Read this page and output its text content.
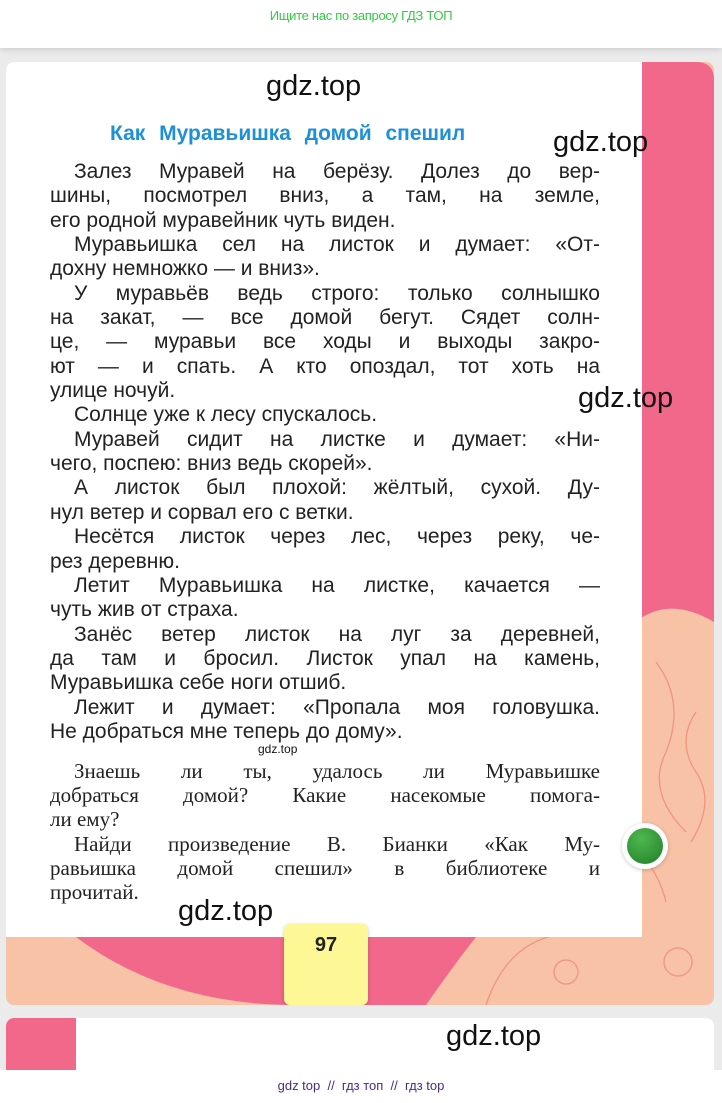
Ищите нас по запросу ГДЗ ТОП
97
gdz.top
Как Муравьишка домой спешил	gdz.top
gdz.top
gdz.top
gdz.top
Залез Муравей на берёзу. Долез до вер-
шины, посмотрел вниз, а там, на земле,
его родной муравейник чуть виден.
Муравьишка сел на листок и думает: «От-
дохну немножко — и вниз».
У муравьёв ведь строго: только солнышко
на закат, — все домой бегут. Сядет солн-
це, — муравьи все ходы и выходы закро-
ют — и спать. А кто опоздал, тот хоть на
улице ночуй.
Солнце уже к лесу спускалось.
Муравей сидит на листке и думает: «Ни-
чего, поспею: вниз ведь скорей».
А листок был плохой: жёлтый, сухой. Ду-
нул ветер и сорвал его с ветки.
Несётся листок через лес, через реку, че-
рез деревню.
Летит Муравьишка на листке, качается —
чуть жив от страха.
Занёс ветер листок на луг за деревней,
да там и бросил. Листок упал на камень,
Муравьишка себе ноги отшиб.
Лежит и думает: «Пропала моя головушка.
Не добраться мне теперь до дому».
Знаешь ли ты, удалось ли Муравьишке
добраться домой? Какие насекомые помога-
ли ему?
Найди произведение В. Бианки «Как Му-
равьишка домой спешил» в библиотеке и
прочитай.
gdz.top
gdz top  //  гдз топ  //  гдз top
